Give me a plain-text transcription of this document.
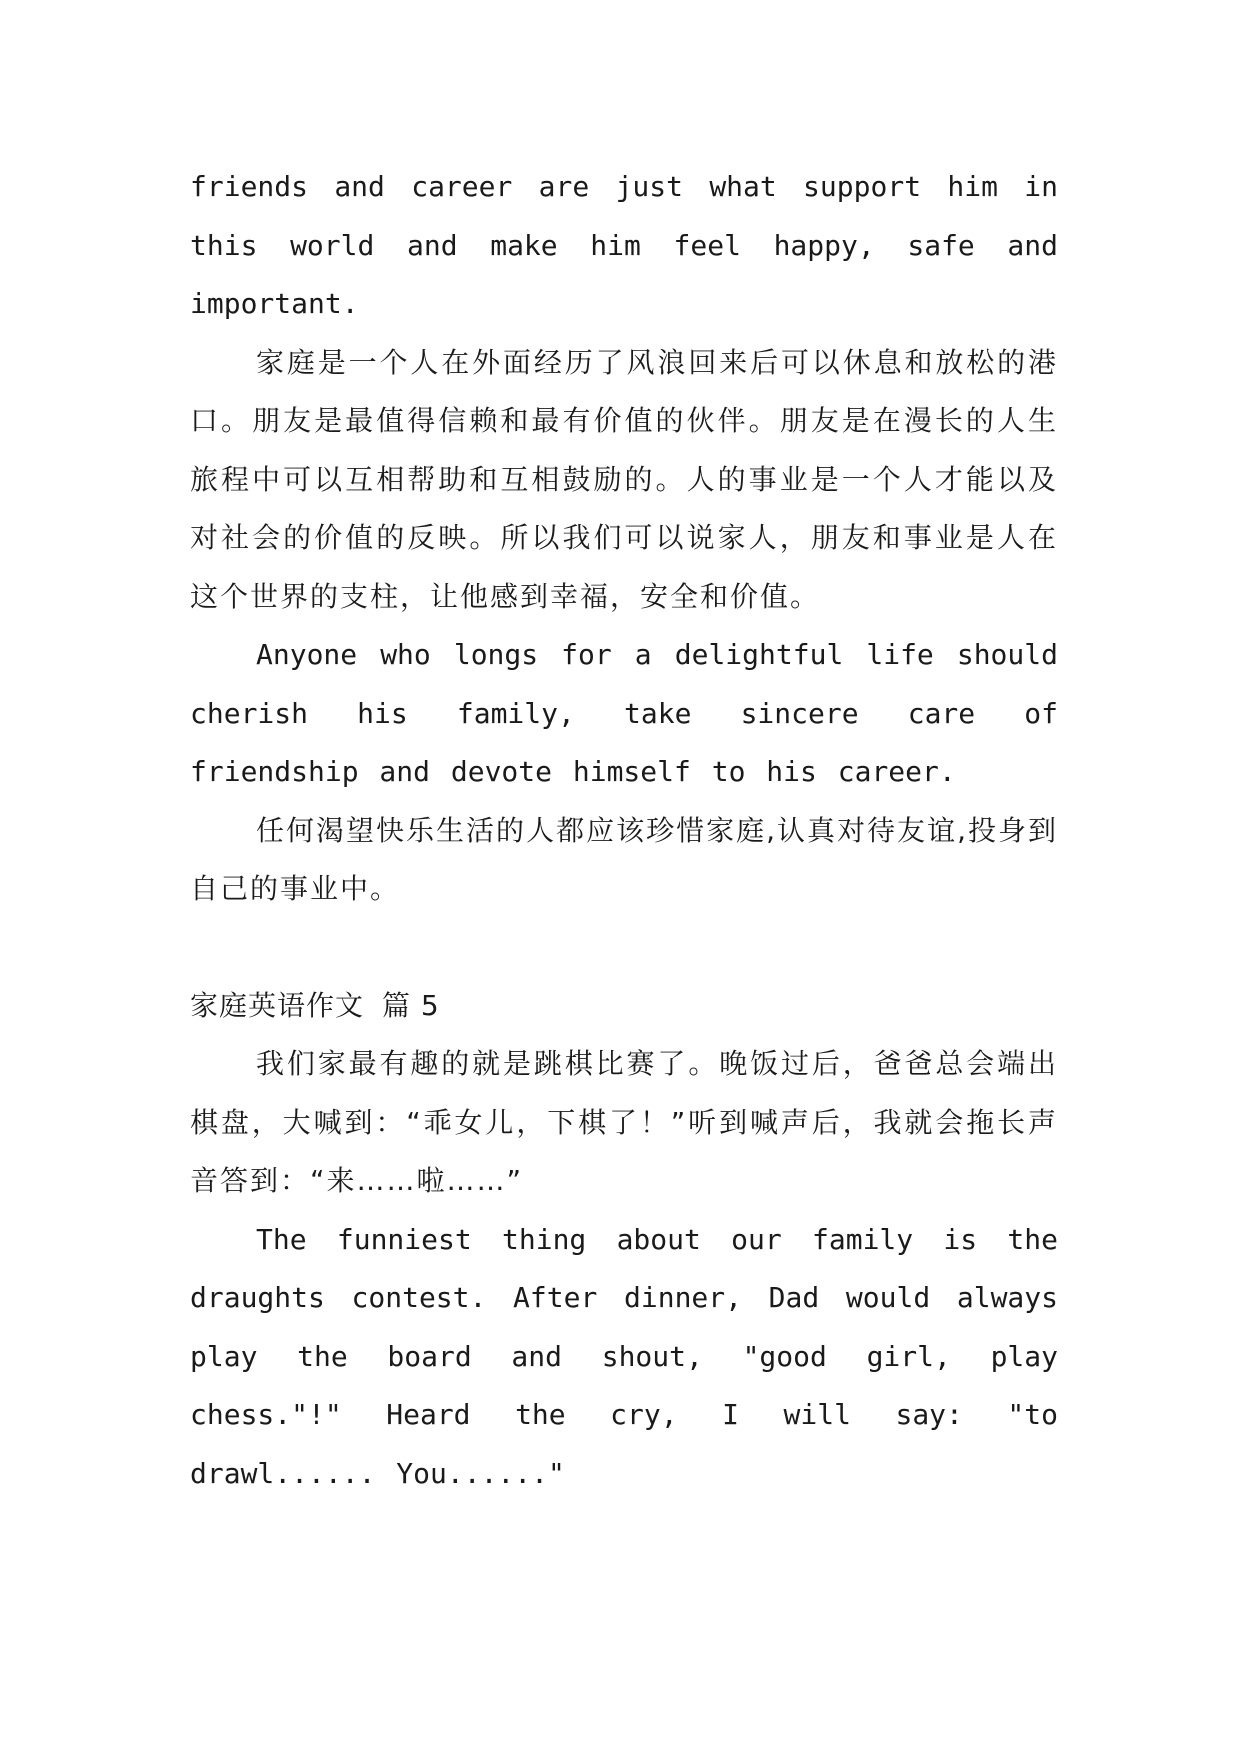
friends and career are just what support him in this world and make him feel happy, safe and important.

家庭是一个人在外面经历了风浪回来后可以休息和放松的港口。朋友是最值得信赖和最有价值的伙伴。朋友是在漫长的人生旅程中可以互相帮助和互相鼓励的。人的事业是一个人才能以及对社会的价值的反映。所以我们可以说家人，朋友和事业是人在这个世界的支柱，让他感到幸福，安全和价值。

Anyone who longs for a delightful life should cherish his family, take sincere care of friendship and devote himself to his career.

任何渴望快乐生活的人都应该珍惜家庭,认真对待友谊,投身到自己的事业中。

家庭英语作文 篇 5

我们家最有趣的就是跳棋比赛了。晚饭过后，爸爸总会端出棋盘，大喊到：“乖女儿，下棋了！”听到喊声后，我就会拖长声音答到：“来……啦……”

The funniest thing about our family is the draughts contest. After dinner, Dad would always play the board and shout, "good girl, play chess."!" Heard the cry, I will say: "to drawl...... You......"
